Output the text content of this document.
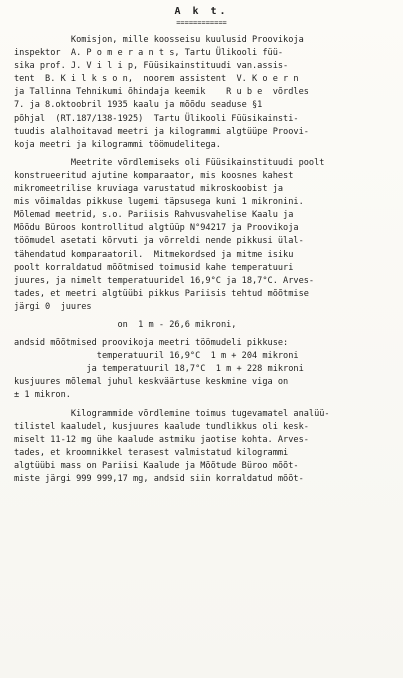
A k t.
============
Komisjon, mille koosseisu kuulusid Proovikoja
inspektor  A. P o m e r a n t s, Tartu Ülikooli füü-
sika prof. J. V i l i p, Füüsikainstituudi van.assis-
tent  B. K i l k s o n,  noorem assistent  V. K o e r n
ja Tallinna Tehnikumi õhindaja keemik    R u b e  võrdles
7. ja 8.oktoobril 1935 kaalu ja mõõdu seaduse §1
põhjal  (RT.187/138-1925)  Tartu Ülikooli Füüsikainsti-
tuudis alalhoitavad meetri ja kilogrammi algtüüpe Proovi-
koja meetri ja kilogrammi töömudelitega.
Meetrite võrdlemiseks oli Füüsikainstituudi poolt
konstrueeritud ajutine komparaator, mis koosnes kahest
mikromeetrilise kruviaga varustatud mikroskoobist ja
mis võimaldas pikkuse lugemi täpsusega kuni 1 mikronini.
Mõlemad meetrid, s.o. Pariisis Rahvusvahelise Kaalu ja
Mõõdu Büroos kontrollitud algtüüp N°94217 ja Proovikoja
töömudel asetati kõrvuti ja võrreldi nende pikkusi ülal-
tähendatud komparaatoril.  Mitmekordsed ja mitme isiku
poolt korraldatud mõõtmised toimusid kahe temperatuuri
juures, ja nimelt temperatuuridel 16,9°C ja 18,7°C. Arves-
tades, et meetri algtüübi pikkus Pariisis tehtud mõõtmise
järgi 0  juures
on  1 m - 26,6 mikroni,
andsid mõõtmised proovikoja meetri töömudeli pikkuse:
temperatuuril 16,9°C  1 m + 204 mikroni
ja temperatuuril 18,7°C  1 m + 228 mikroni
kusjuures mõlemal juhul keskväärtuse keskmine viga on
± 1 mikron.
Kilogrammide võrdlemine toimus tugevamatel analüü-
tilistel kaaludel, kusjuures kaalude tundlikkus oli kesk-
miselt 11-12 mg ühe kaalude astmiku jaotise kohta. Arves-
tades, et kroomnikkel terasest valmistatud kilogrammi
algtüübi mass on Pariisi Kaalude ja Mõõtude Büroo mõõt-
miste järgi 999 999,17 mg, andsid siin korraldatud mõõt-
